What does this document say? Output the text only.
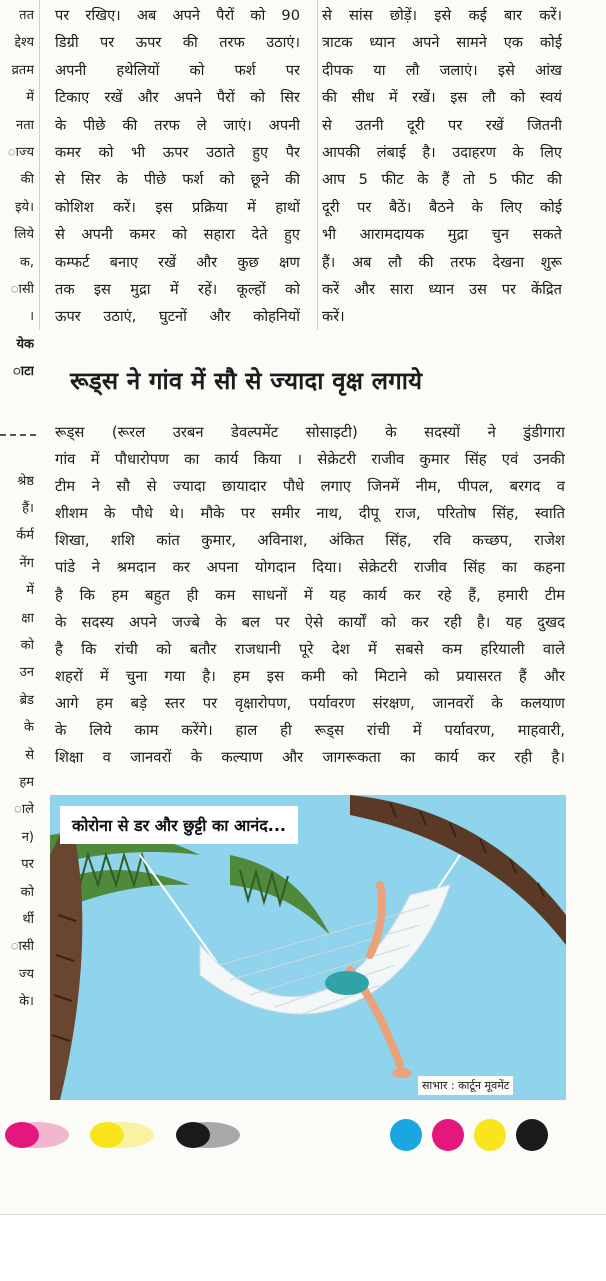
तत
द्देश्य
व्रतम
में
नता
ाज्य
की
इये।
लिये
क,
ासी
।
येक
ाटा
श्रेष्ठ
हैं।
र्कर्म
नेंग
में
क्षा
को
उन
ब्रेड
के
से
हम
ाले
न)
पर
को
र्थी
ासी
ज्य
के।
पर रखिए। अब अपने पैरों को 90
डिग्री पर ऊपर की तरफ उठाएं।
अपनी हथेलियों को फर्श पर
टिकाए रखें और अपने पैरों को सिर
के पीछे की तरफ ले जाएं। अपनी
कमर को भी ऊपर उठाते हुए पैर
से सिर के पीछे फर्श को छूने की
कोशिश करें। इस प्रक्रिया में हाथों
से अपनी कमर को सहारा देते हुए
कम्फर्ट बनाए रखें और कुछ क्षण
तक इस मुद्रा में रहें। कूल्हों को
ऊपर उठाएं, घुटनों और कोहनियों
से सांस छोड़ें। इसे कई बार करें।
त्राटक ध्यान अपने सामने एक कोई
दीपक या लौ जलाएं। इसे आंख
की सीध में रखें। इस लौ को स्वयं
से उतनी दूरी पर रखें जितनी
आपकी लंबाई है। उदाहरण के लिए
आप 5 फीट के हैं तो 5 फीट की
दूरी पर बैठें। बैठने के लिए कोई
भी आरामदायक मुद्रा चुन सकते
हैं। अब लौ की तरफ देखना शुरू
करें और सारा ध्यान उस पर केंद्रित
करें।
रूड्स ने गांव में सौ से ज्यादा वृक्ष लगाये
रूड्स (रूरल उरबन डेवल्पमेंट सोसाइटी) के सदस्यों ने डुंडीगारा
गांव में पौधारोपण का कार्य किया । सेक्रेटरी राजीव कुमार सिंह एवं उनकी
टीम ने सौ से ज्यादा छायादार पौधे लगाए जिनमें नीम, पीपल, बरगद व
शीशम के पौधे थे। मौके पर समीर नाथ, दीपू राज, परितोष सिंह, स्वाति
शिखा, शशि कांत कुमार, अविनाश, अंकित सिंह, रवि कच्छप, राजेश
पांडे ने श्रमदान कर अपना योगदान दिया। सेक्रेटरी राजीव सिंह का कहना
है कि हम बहुत ही कम साधनों में यह कार्य कर रहे हैं, हमारी टीम
के सदस्य अपने जज्बे के बल पर ऐसे कार्यों को कर रही है। यह दुखद
है कि रांची को बतौर राजधानी पूरे देश में सबसे कम हरियाली वाले
शहरों में चुना गया है। हम इस कमी को मिटाने को प्रयासरत हैं और
आगे हम बड़े स्तर पर वृक्षारोपण, पर्यावरण संरक्षण, जानवरों के कलयाण
के लिये काम करेंगे। हाल ही रूड्स रांची में पर्यावरण, माहवारी,
शिक्षा व जानवरों के कल्याण और जागरूकता का कार्य कर रही है।
कोरोना से डर और छुट्टी का आनंद...
साभार : कार्टून मूवमेंट
